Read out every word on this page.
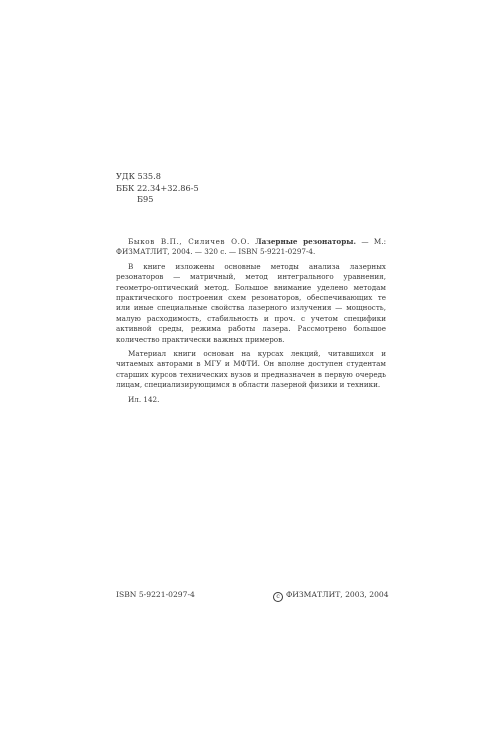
УДК 535.8
ББК 22.34+32.86-5
Б95

Быков В.П., Силичев О.О. Лазерные резонаторы. — М.: ФИЗМАТЛИТ, 2004. — 320 с. — ISBN 5-9221-0297-4.

В книге изложены основные методы анализа лазерных резонаторов — матричный, метод интегрального уравнения, геометро-оптический метод. Большое внимание уделено методам практического построения схем резонаторов, обеспечивающих те или иные специальные свойства лазерного излучения — мощность, малую расходимость, стабильность и проч. с учетом специфики активной среды, режима работы лазера. Рассмотрено большое количество практически важных примеров.

Материал книги основан на курсах лекций, читавшихся и читаемых авторами в МГУ и МФТИ. Он вполне доступен студентам старших курсов технических вузов и предназначен в первую очередь лицам, специализирующимся в области лазерной физики и техники.

Ил. 142.

ISBN 5-9221-0297-4	c ФИЗМАТЛИТ, 2003, 2004
